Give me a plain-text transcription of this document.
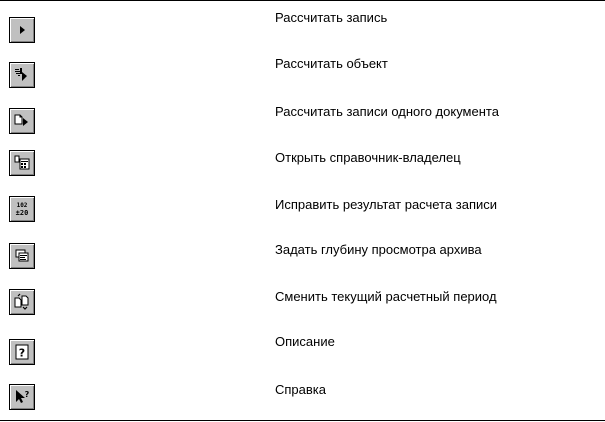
Рассчитать запись
Рассчитать объект
Рассчитать записи одного документа
Открыть справочник-владелец
102
±20
Исправить результат расчета записи
Задать глубину просмотра архива
Сменить текущий расчетный период
?
Описание
?	Справка
